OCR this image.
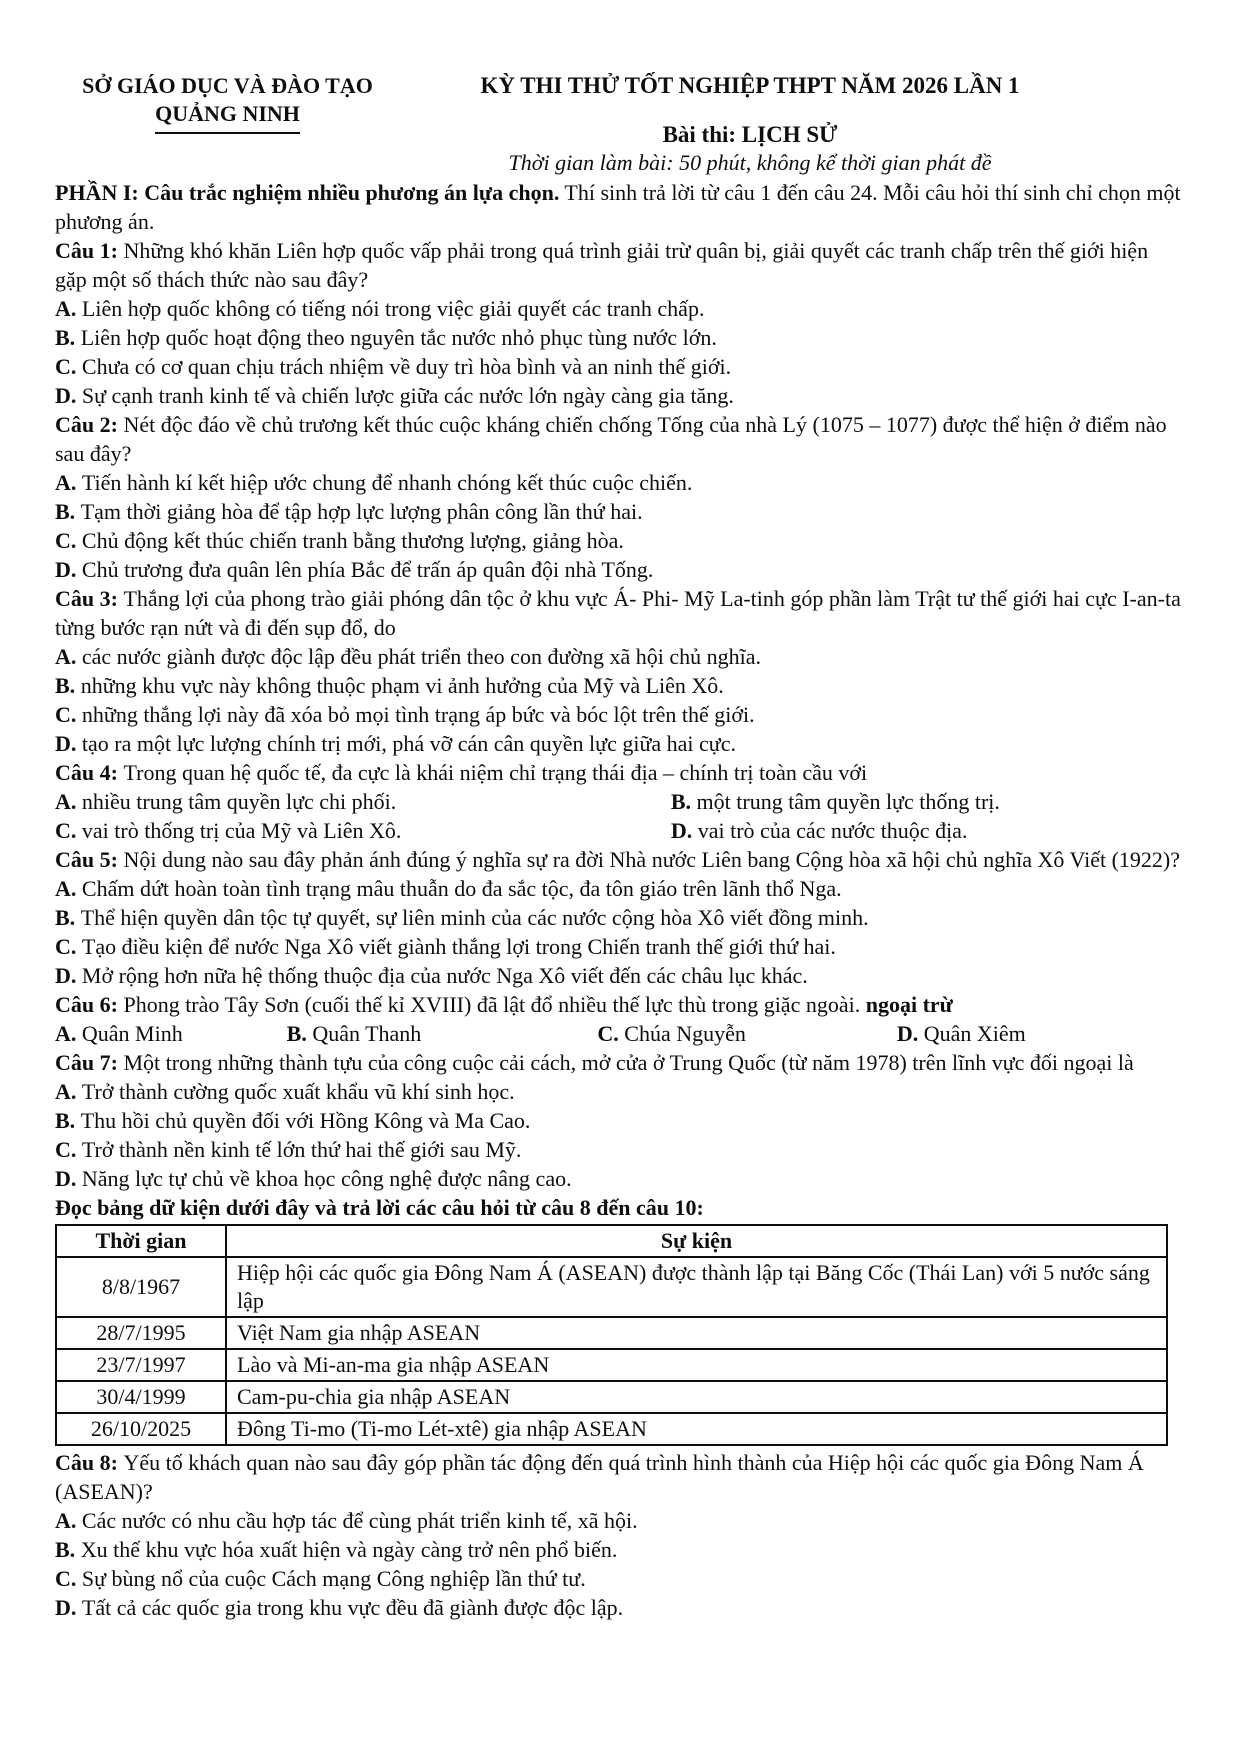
SỞ GIÁO DỤC VÀ ĐÀO TẠO
QUẢNG NINH
KỲ THI THỬ TỐT NGHIỆP THPT NĂM 2026 LẦN 1
Bài thi: LỊCH SỬ
Thời gian làm bài: 50 phút, không kể thời gian phát đề

PHẦN I: Câu trắc nghiệm nhiều phương án lựa chọn. Thí sinh trả lời từ câu 1 đến câu 24. Mỗi câu hỏi thí sinh chỉ chọn một phương án.

Câu 1: Những khó khăn Liên hợp quốc vấp phải trong quá trình giải trừ quân bị, giải quyết các tranh chấp trên thế giới hiện gặp một số thách thức nào sau đây?

A. Liên hợp quốc không có tiếng nói trong việc giải quyết các tranh chấp.
B. Liên hợp quốc hoạt động theo nguyên tắc nước nhỏ phục tùng nước lớn.
C. Chưa có cơ quan chịu trách nhiệm về duy trì hòa bình và an ninh thế giới.
D. Sự cạnh tranh kinh tế và chiến lược giữa các nước lớn ngày càng gia tăng.

Câu 2: Nét độc đáo về chủ trương kết thúc cuộc kháng chiến chống Tống của nhà Lý (1075 – 1077) được thể hiện ở điểm nào sau đây?

A. Tiến hành kí kết hiệp ước chung để nhanh chóng kết thúc cuộc chiến.
B. Tạm thời giảng hòa để tập hợp lực lượng phân công lần thứ hai.
C. Chủ động kết thúc chiến tranh bằng thương lượng, giảng hòa.
D. Chủ trương đưa quân lên phía Bắc để trấn áp quân đội nhà Tống.

Câu 3: Thắng lợi của phong trào giải phóng dân tộc ở khu vực Á- Phi- Mỹ La-tinh góp phần làm Trật tư thế giới hai cực I-an-ta từng bước rạn nứt và đi đến sụp đổ, do

A. các nước giành được độc lập đều phát triển theo con đường xã hội chủ nghĩa.
B. những khu vực này không thuộc phạm vi ảnh hưởng của Mỹ và Liên Xô.
C. những thắng lợi này đã xóa bỏ mọi tình trạng áp bức và bóc lột trên thế giới.
D. tạo ra một lực lượng chính trị mới, phá vỡ cán cân quyền lực giữa hai cực.

Câu 4: Trong quan hệ quốc tế, đa cực là khái niệm chỉ trạng thái địa – chính trị toàn cầu với

A. nhiều trung tâm quyền lực chi phối.	B. một trung tâm quyền lực thống trị.
C. vai trò thống trị của Mỹ và Liên Xô.	D. vai trò của các nước thuộc địa.

Câu 5: Nội dung nào sau đây phản ánh đúng ý nghĩa sự ra đời Nhà nước Liên bang Cộng hòa xã hội chủ nghĩa Xô Viết (1922)?

A. Chấm dứt hoàn toàn tình trạng mâu thuẫn do đa sắc tộc, đa tôn giáo trên lãnh thổ Nga.
B. Thể hiện quyền dân tộc tự quyết, sự liên minh của các nước cộng hòa Xô viết đồng minh.
C. Tạo điều kiện để nước Nga Xô viết giành thắng lợi trong Chiến tranh thế giới thứ hai.
D. Mở rộng hơn nữa hệ thống thuộc địa của nước Nga Xô viết đến các châu lục khác.

Câu 6: Phong trào Tây Sơn (cuối thế kỉ XVIII) đã lật đổ nhiều thế lực thù trong giặc ngoài. ngoại trừ

A. Quân Minh	B. Quân Thanh	C. Chúa Nguyễn	D. Quân Xiêm

Câu 7: Một trong những thành tựu của công cuộc cải cách, mở cửa ở Trung Quốc (từ năm 1978) trên lĩnh vực đối ngoại là

A. Trở thành cường quốc xuất khẩu vũ khí sinh học.
B. Thu hồi chủ quyền đối với Hồng Kông và Ma Cao.
C. Trở thành nền kinh tế lớn thứ hai thế giới sau Mỹ.
D. Năng lực tự chủ về khoa học công nghệ được nâng cao.

Đọc bảng dữ kiện dưới đây và trả lời các câu hỏi từ câu 8 đến câu 10:

Thời gian	Sự kiện
8/8/1967	Hiệp hội các quốc gia Đông Nam Á (ASEAN) được thành lập tại Băng Cốc (Thái Lan) với 5 nước sáng lập
28/7/1995	Việt Nam gia nhập ASEAN
23/7/1997	Lào và Mi-an-ma gia nhập ASEAN
30/4/1999	Cam-pu-chia gia nhập ASEAN
26/10/2025	Đông Ti-mo (Ti-mo Lét-xtê) gia nhập ASEAN

Câu 8: Yếu tố khách quan nào sau đây góp phần tác động đến quá trình hình thành của Hiệp hội các quốc gia Đông Nam Á (ASEAN)?

A. Các nước có nhu cầu hợp tác để cùng phát triển kinh tế, xã hội.
B. Xu thế khu vực hóa xuất hiện và ngày càng trở nên phổ biến.
C. Sự bùng nổ của cuộc Cách mạng Công nghiệp lần thứ tư.
D. Tất cả các quốc gia trong khu vực đều đã giành được độc lập.
